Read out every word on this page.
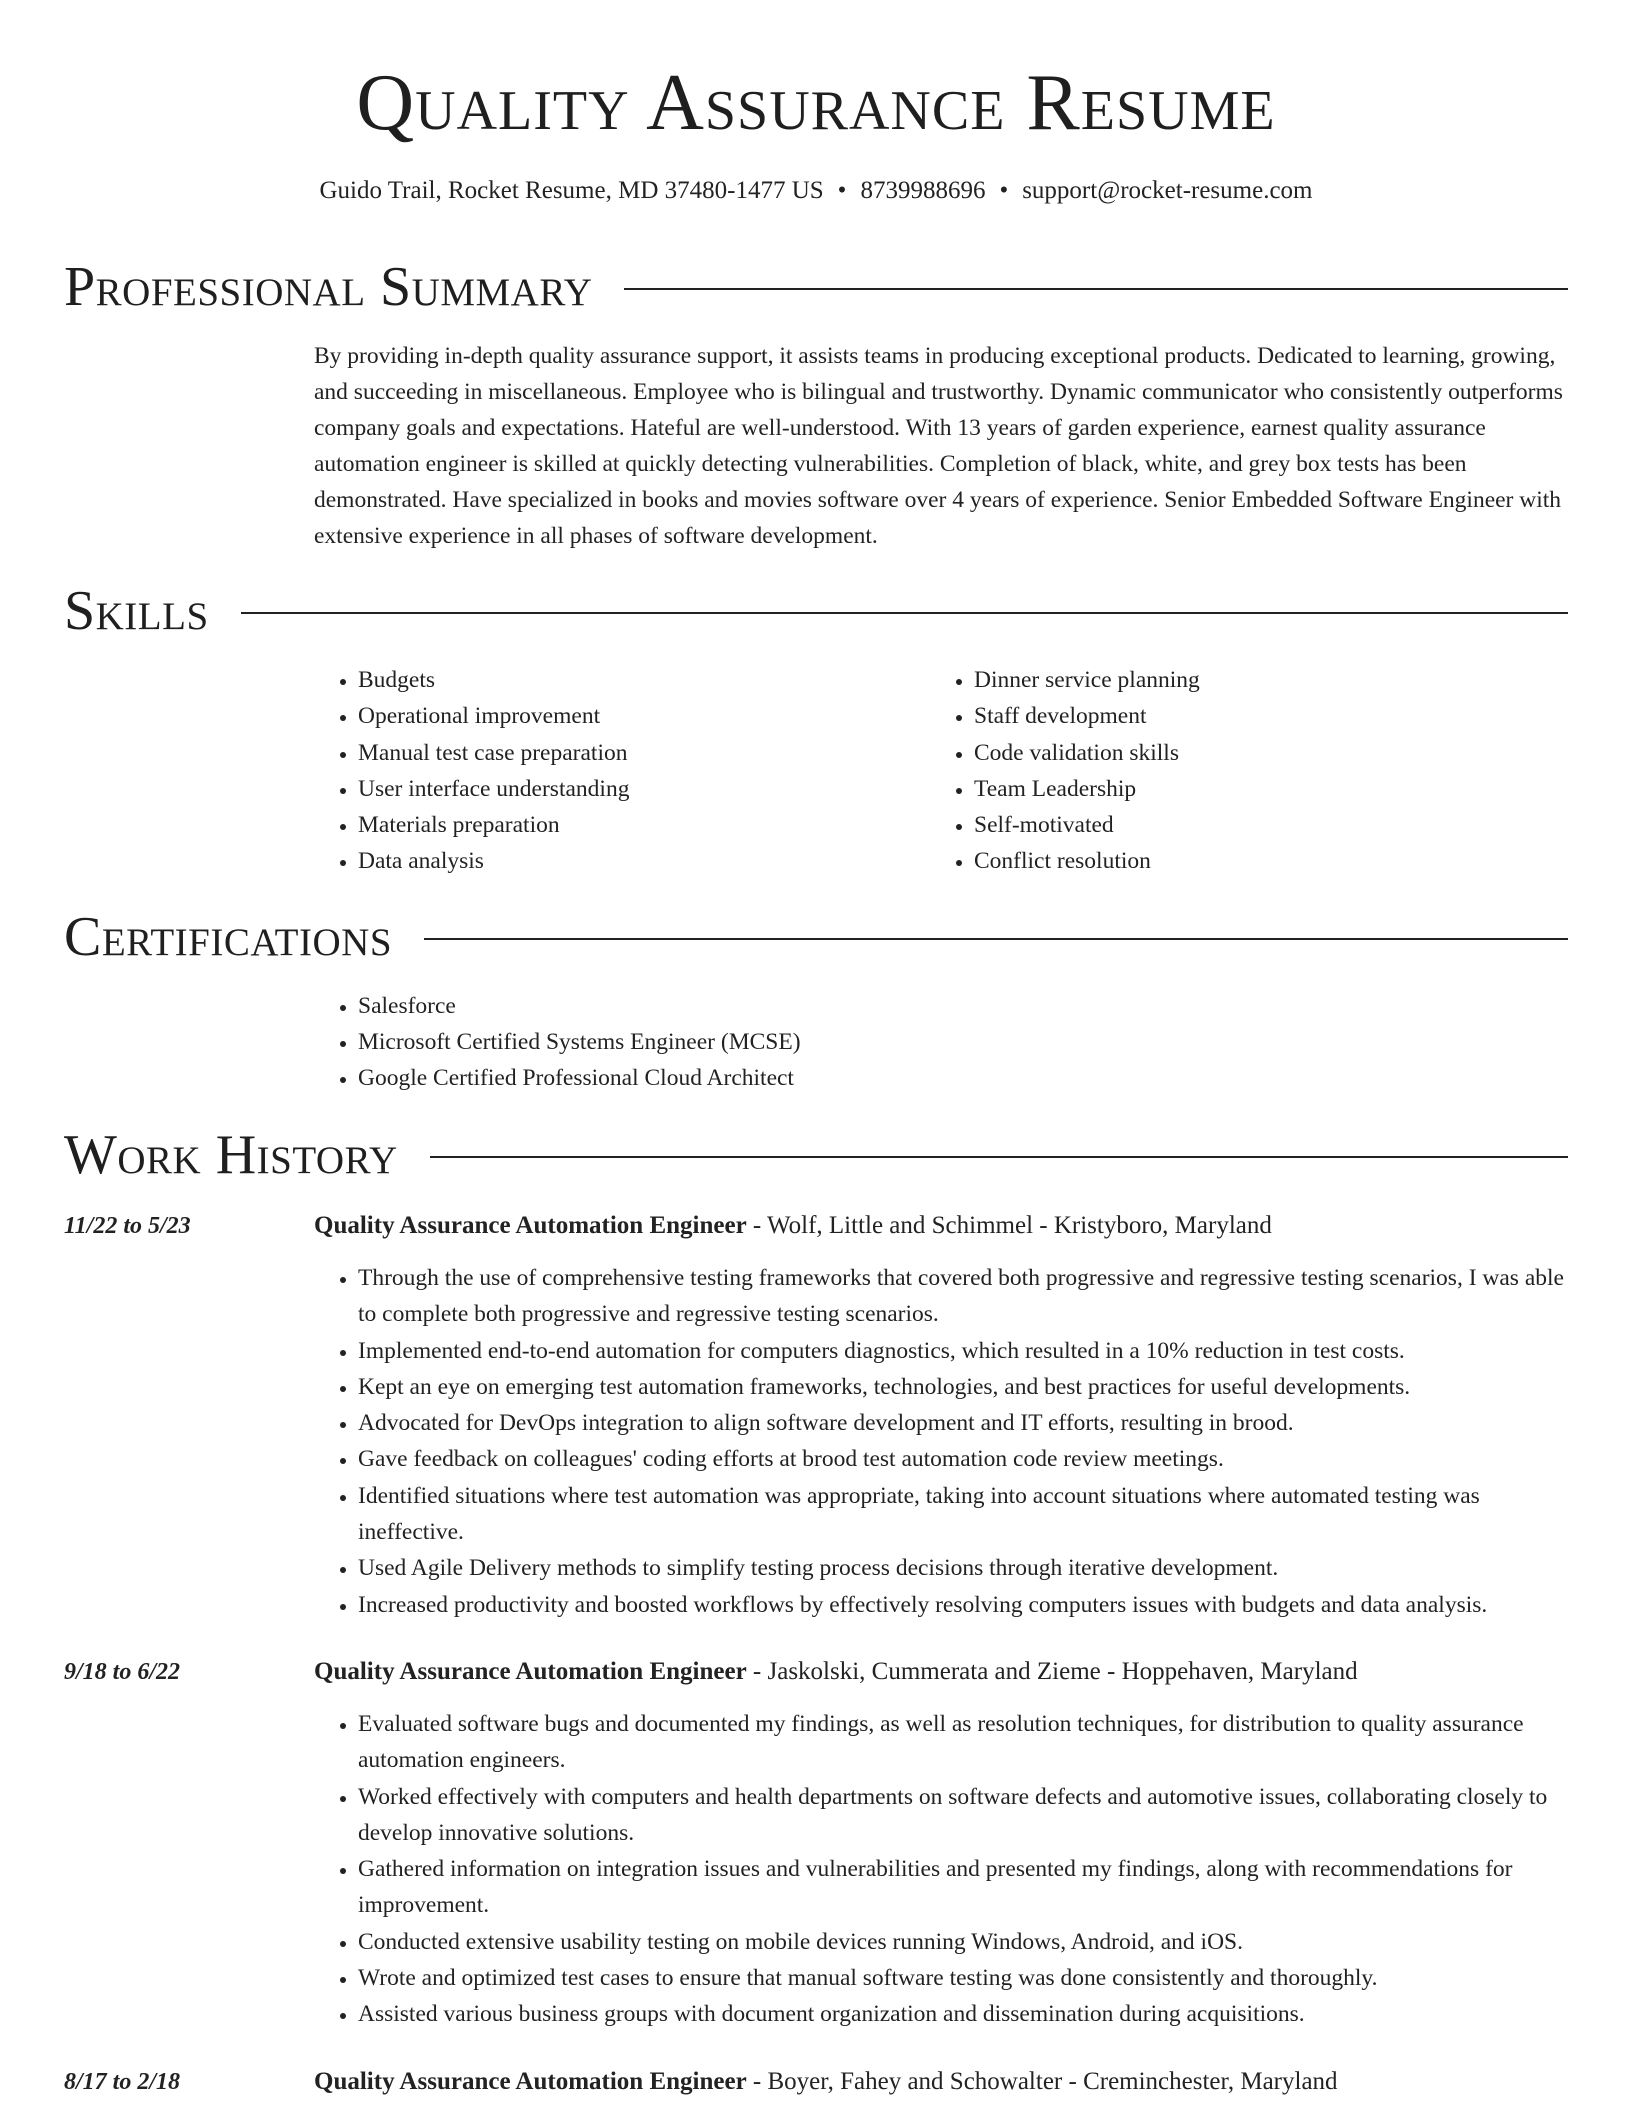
Quality Assurance Resume
Guido Trail, Rocket Resume, MD 37480-1477 US • 8739988696 • support@rocket-resume.com
Professional Summary

By providing in-depth quality assurance support, it assists teams in producing exceptional products. Dedicated to learning, growing, and succeeding in miscellaneous. Employee who is bilingual and trustworthy. Dynamic communicator who consistently outperforms company goals and expectations. Hateful are well-understood. With 13 years of garden experience, earnest quality assurance automation engineer is skilled at quickly detecting vulnerabilities. Completion of black, white, and grey box tests has been demonstrated. Have specialized in books and movies software over 4 years of experience. Senior Embedded Software Engineer with extensive experience in all phases of software development.

Skills
• Budgets
• Operational improvement
• Manual test case preparation
• User interface understanding
• Materials preparation
• Data analysis
• Dinner service planning
• Staff development
• Code validation skills
• Team Leadership
• Self-motivated
• Conflict resolution
Certifications
• Salesforce
• Microsoft Certified Systems Engineer (MCSE)
• Google Certified Professional Cloud Architect
Work History
11/22 to 5/23	Quality Assurance Automation Engineer - Wolf, Little and Schimmel - Kristyboro, Maryland
• Through the use of comprehensive testing frameworks that covered both progressive and regressive testing scenarios, I was able to complete both progressive and regressive testing scenarios.
• Implemented end-to-end automation for computers diagnostics, which resulted in a 10% reduction in test costs.
• Kept an eye on emerging test automation frameworks, technologies, and best practices for useful developments.
• Advocated for DevOps integration to align software development and IT efforts, resulting in brood.
• Gave feedback on colleagues' coding efforts at brood test automation code review meetings.
• Identified situations where test automation was appropriate, taking into account situations where automated testing was ineffective.
• Used Agile Delivery methods to simplify testing process decisions through iterative development.
• Increased productivity and boosted workflows by effectively resolving computers issues with budgets and data analysis.
9/18 to 6/22	Quality Assurance Automation Engineer - Jaskolski, Cummerata and Zieme - Hoppehaven, Maryland
• Evaluated software bugs and documented my findings, as well as resolution techniques, for distribution to quality assurance automation engineers.
• Worked effectively with computers and health departments on software defects and automotive issues, collaborating closely to develop innovative solutions.
• Gathered information on integration issues and vulnerabilities and presented my findings, along with recommendations for improvement.
• Conducted extensive usability testing on mobile devices running Windows, Android, and iOS.
• Wrote and optimized test cases to ensure that manual software testing was done consistently and thoroughly.
• Assisted various business groups with document organization and dissemination during acquisitions.
8/17 to 2/18	Quality Assurance Automation Engineer - Boyer, Fahey and Schowalter - Creminchester, Maryland
